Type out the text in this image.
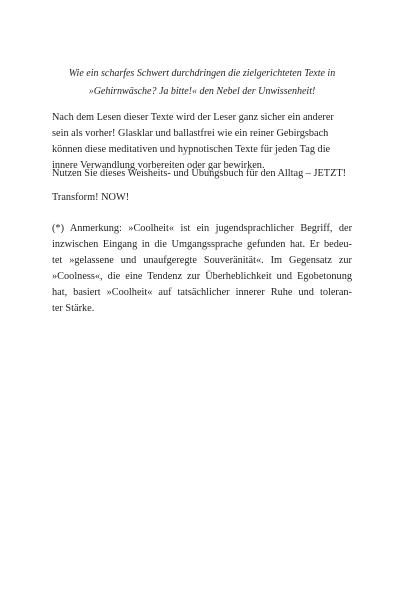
Wie ein scharfes Schwert durchdringen die zielgerichteten Texte in
»Gehirnwäsche? Ja bitte!« den Nebel der Unwissenheit!

Nach dem Lesen dieser Texte wird der Leser ganz sicher ein anderer
sein als vorher! Glasklar und ballastfrei wie ein reiner Gebirgsbach
können diese meditativen und hypnotischen Texte für jeden Tag die
innere Verwandlung vorbereiten oder gar bewirken.

Nutzen Sie dieses Weisheits- und Übungsbuch für den Alltag – JETZT!

Transform! NOW!

(*) Anmerkung: »Coolheit« ist ein jugendsprachlicher Begriff, der
inzwischen Eingang in die Umgangssprache gefunden hat. Er bedeu-
tet »gelassene und unaufgeregte Souveränität«. Im Gegensatz zur
»Coolness«, die eine Tendenz zur Überheblichkeit und Egobetonung
hat, basiert »Coolheit« auf tatsächlicher innerer Ruhe und toleran-
ter Stärke.
